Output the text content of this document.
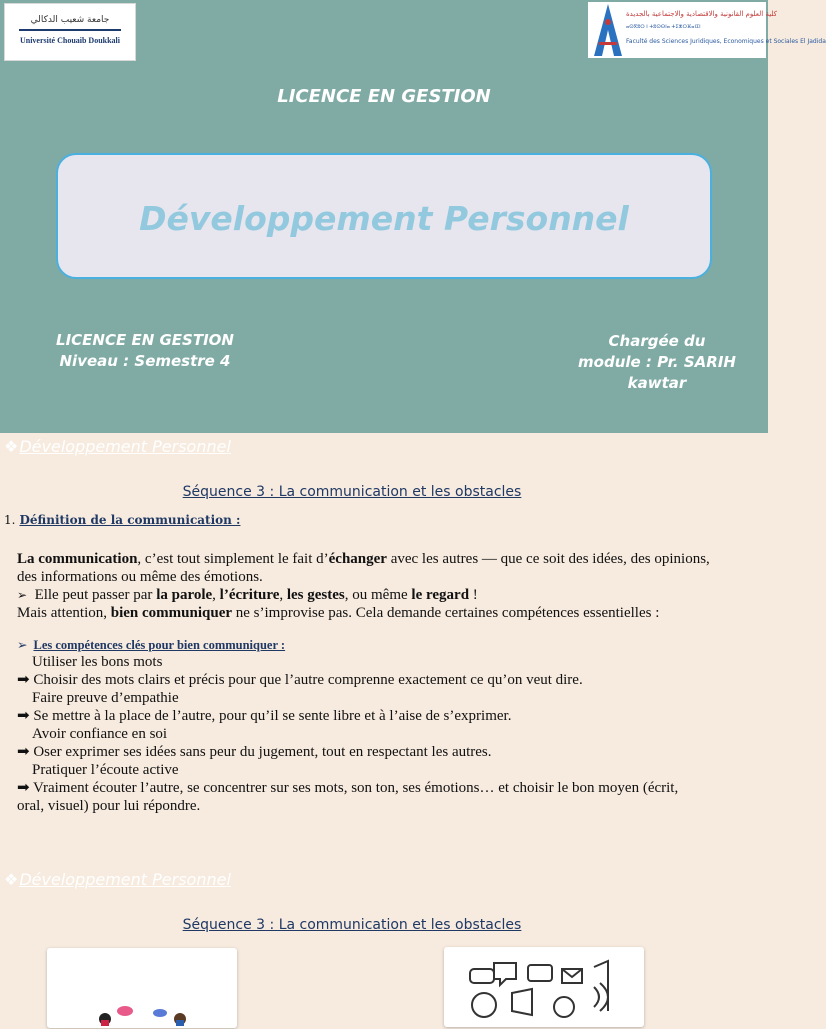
جامعة شعيب الدكالي
Université Chouaib Doukkali
كلية العلوم القانونية والاقتصادية والاجتماعية بالجديدة
ⴰⵙⴳⵓⵔ ⵏ ⵜⵓⵙⵙⵏⴰ ⵜⵉⵣⵔⴼⴰⵏⵉⵏ
Faculté des Sciences Juridiques, Economiques et Sociales El Jadida
LICENCE EN GESTION
Développement Personnel
LICENCE EN GESTION
Niveau : Semestre 4
Chargée du
module : Pr. SARIH
kawtar
❖Développement Personnel
Séquence 3 : La communication et les obstacles
1. Définition de la communication :
La communication, c’est tout simplement le fait d’échanger avec les autres — que ce soit des idées, des opinions,
des informations ou même des émotions.
➢ Elle peut passer par la parole, l’écriture, les gestes, ou même le regard !
Mais attention, bien communiquer ne s’improvise pas. Cela demande certaines compétences essentielles :
➢ Les compétences clés pour bien communiquer :
Utiliser les bons mots
➡ Choisir des mots clairs et précis pour que l’autre comprenne exactement ce qu’on veut dire.
Faire preuve d’empathie
➡ Se mettre à la place de l’autre, pour qu’il se sente libre et à l’aise de s’exprimer.
Avoir confiance en soi
➡ Oser exprimer ses idées sans peur du jugement, tout en respectant les autres.
Pratiquer l’écoute active
➡ Vraiment écouter l’autre, se concentrer sur ses mots, son ton, ses émotions… et choisir le bon moyen (écrit,
oral, visuel) pour lui répondre.
❖Développement Personnel
Séquence 3 : La communication et les obstacles
